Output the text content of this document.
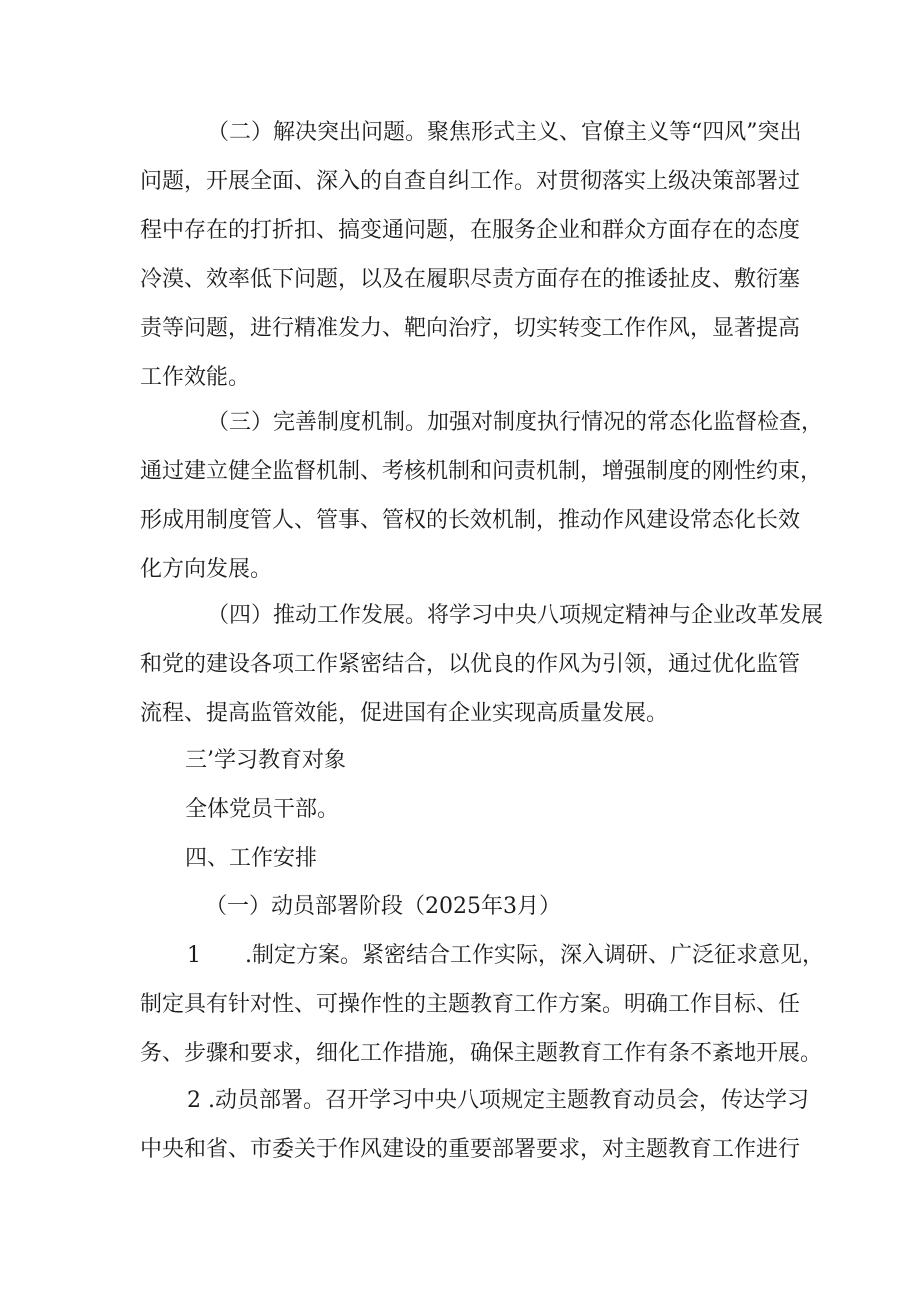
（二）解决突出问题。聚焦形式主义、官僚主义等“四风”突出
问题，开展全面、深入的自查自纠工作。对贯彻落实上级决策部署过
程中存在的打折扣、搞变通问题，在服务企业和群众方面存在的态度
冷漠、效率低下问题，以及在履职尽责方面存在的推诿扯皮、敷衍塞
责等问题，进行精准发力、靶向治疗，切实转变工作作风，显著提高
工作效能。
（三）完善制度机制。加强对制度执行情况的常态化监督检查，
通过建立健全监督机制、考核机制和问责机制，增强制度的刚性约束，
形成用制度管人、管事、管权的长效机制，推动作风建设常态化长效
化方向发展。
（四）推动工作发展。将学习中央八项规定精神与企业改革发展
和党的建设各项工作紧密结合，以优良的作风为引领，通过优化监管
流程、提高监管效能，促进国有企业实现高质量发展。
三’学习教育对象
全体党员干部。
四、工作安排
（一）动员部署阶段（2025年3月）
1　　.制定方案。紧密结合工作实际，深入调研、广泛征求意见，
制定具有针对性、可操作性的主题教育工作方案。明确工作目标、任
务、步骤和要求，细化工作措施，确保主题教育工作有条不紊地开展。
2 .动员部署。召开学习中央八项规定主题教育动员会，传达学习
中央和省、市委关于作风建设的重要部署要求，对主题教育工作进行
